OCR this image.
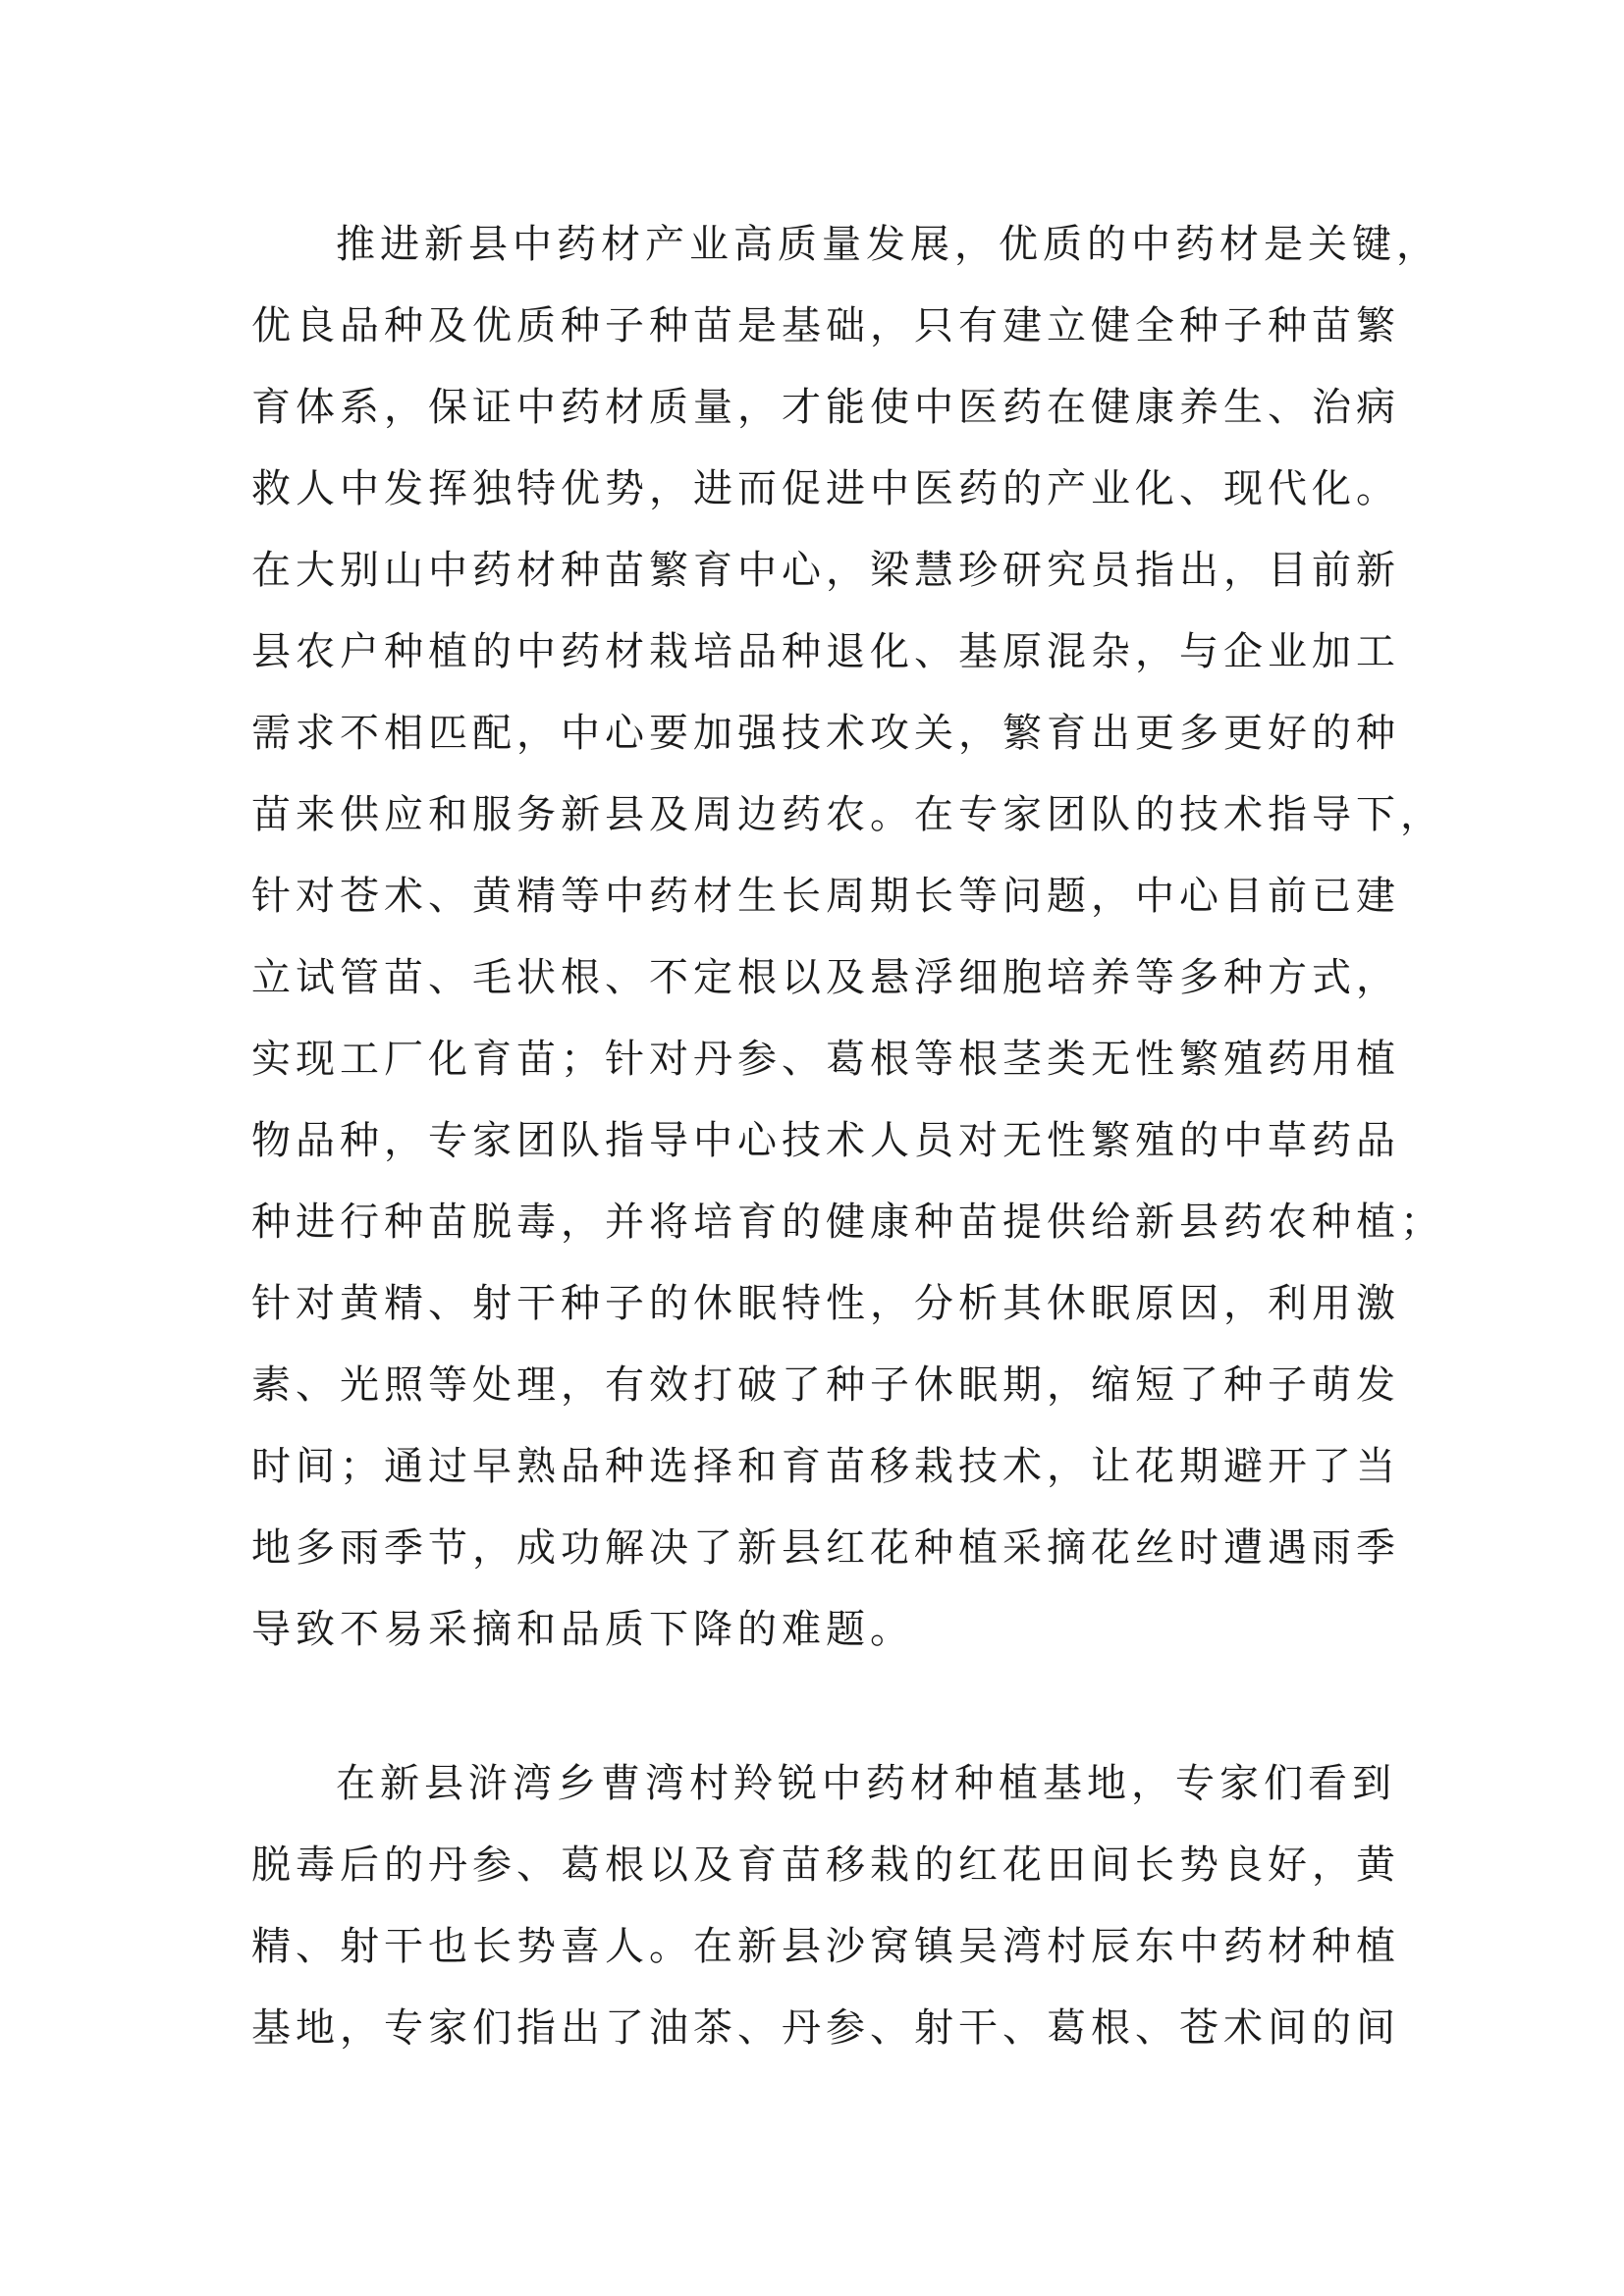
推进新县中药材产业高质量发展，优质的中药材是关键，
优良品种及优质种子种苗是基础，只有建立健全种子种苗繁
育体系，保证中药材质量，才能使中医药在健康养生、治病
救人中发挥独特优势，进而促进中医药的产业化、现代化。
在大别山中药材种苗繁育中心，梁慧珍研究员指出，目前新
县农户种植的中药材栽培品种退化、基原混杂，与企业加工
需求不相匹配，中心要加强技术攻关，繁育出更多更好的种
苗来供应和服务新县及周边药农。在专家团队的技术指导下，
针对苍术、黄精等中药材生长周期长等问题，中心目前已建
立试管苗、毛状根、不定根以及悬浮细胞培养等多种方式，
实现工厂化育苗；针对丹参、葛根等根茎类无性繁殖药用植
物品种，专家团队指导中心技术人员对无性繁殖的中草药品
种进行种苗脱毒，并将培育的健康种苗提供给新县药农种植；
针对黄精、射干种子的休眠特性，分析其休眠原因，利用激
素、光照等处理，有效打破了种子休眠期，缩短了种子萌发
时间；通过早熟品种选择和育苗移栽技术，让花期避开了当
地多雨季节，成功解决了新县红花种植采摘花丝时遭遇雨季
导致不易采摘和品质下降的难题。
在新县浒湾乡曹湾村羚锐中药材种植基地，专家们看到
脱毒后的丹参、葛根以及育苗移栽的红花田间长势良好，黄
精、射干也长势喜人。在新县沙窝镇吴湾村辰东中药材种植
基地，专家们指出了油茶、丹参、射干、葛根、苍术间的间
